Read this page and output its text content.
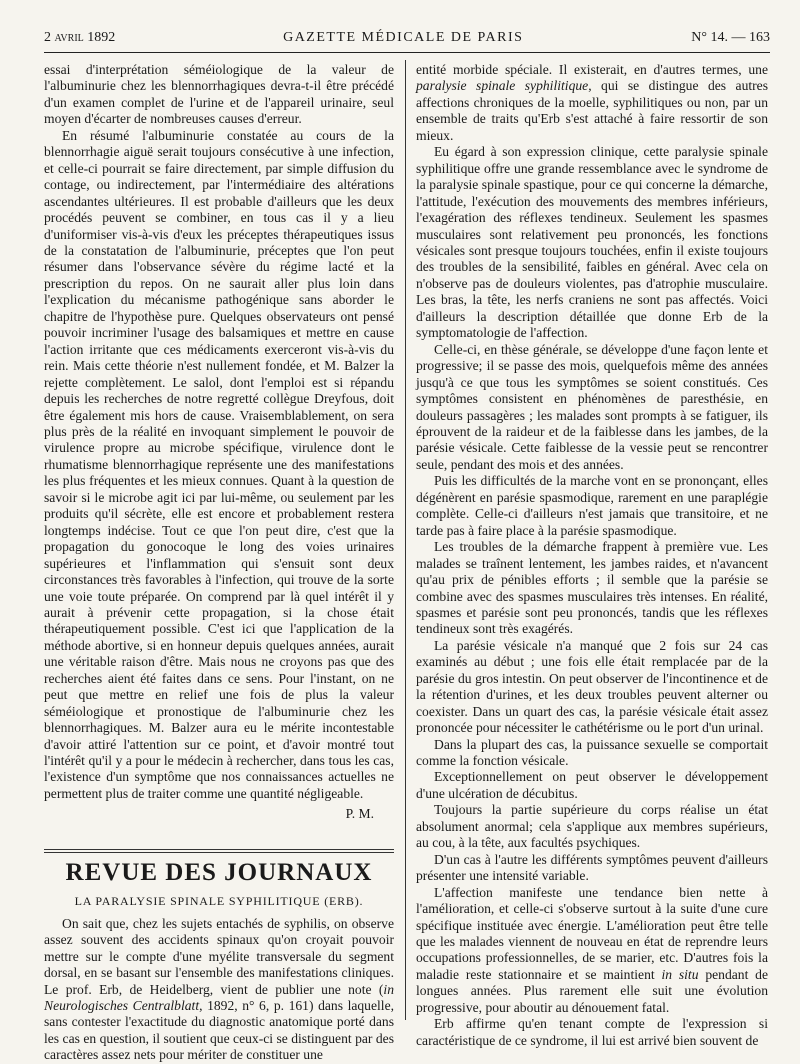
2 avril 1892	GAZETTE MÉDICALE DE PARIS	N° 14. — 163

essai d'interprétation séméiologique de la valeur de l'albuminurie chez les blennorrhagiques devra-t-il être précédé d'un examen complet de l'urine et de l'appareil urinaire, seul moyen d'écarter de nombreuses causes d'erreur.

En résumé l'albuminurie constatée au cours de la blennorrhagie aiguë serait toujours consécutive à une infection, et celle-ci pourrait se faire directement, par simple diffusion du contage, ou indirectement, par l'intermédiaire des altérations ascendantes ultérieures. Il est probable d'ailleurs que les deux procédés peuvent se combiner, en tous cas il y a lieu d'uniformiser vis-à-vis d'eux les préceptes thérapeutiques issus de la constatation de l'albuminurie, préceptes que l'on peut résumer dans l'observance sévère du régime lacté et la prescription du repos. On ne saurait aller plus loin dans l'explication du mécanisme pathogénique sans aborder le chapitre de l'hypothèse pure. Quelques observateurs ont pensé pouvoir incriminer l'usage des balsamiques et mettre en cause l'action irritante que ces médicaments exerceront vis-à-vis du rein. Mais cette théorie n'est nullement fondée, et M. Balzer la rejette complètement. Le salol, dont l'emploi est si répandu depuis les recherches de notre regretté collègue Dreyfous, doit être également mis hors de cause. Vraisemblablement, on sera plus près de la réalité en invoquant simplement le pouvoir de virulence propre au microbe spécifique, virulence dont le rhumatisme blennorrhagique représente une des manifestations les plus fréquentes et les mieux connues. Quant à la question de savoir si le microbe agit ici par lui-même, ou seulement par les produits qu'il sécrète, elle est encore et probablement restera longtemps indécise. Tout ce que l'on peut dire, c'est que la propagation du gonocoque le long des voies urinaires supérieures et l'inflammation qui s'ensuit sont deux circonstances très favorables à l'infection, qui trouve de la sorte une voie toute préparée. On comprend par là quel intérêt il y aurait à prévenir cette propagation, si la chose était thérapeutiquement possible. C'est ici que l'application de la méthode abortive, si en honneur depuis quelques années, aurait une véritable raison d'être. Mais nous ne croyons pas que des recherches aient été faites dans ce sens. Pour l'instant, on ne peut que mettre en relief une fois de plus la valeur séméiologique et pronostique de l'albuminurie chez les blennorrhagiques. M. Balzer aura eu le mérite incontestable d'avoir attiré l'attention sur ce point, et d'avoir montré tout l'intérêt qu'il y a pour le médecin à rechercher, dans tous les cas, l'existence d'un symptôme que nos connaissances actuelles ne permettent plus de traiter comme une quantité négligeable.

P. M.
REVUE DES JOURNAUX
LA PARALYSIE SPINALE SYPHILITIQUE (ERB).

On sait que, chez les sujets entachés de syphilis, on observe assez souvent des accidents spinaux qu'on croyait pouvoir mettre sur le compte d'une myélite transversale du segment dorsal, en se basant sur l'ensemble des manifestations cliniques. Le prof. Erb, de Heidelberg, vient de publier une note (in Neurologisches Centralblatt, 1892, n° 6, p. 161) dans laquelle, sans contester l'exactitude du diagnostic anatomique porté dans les cas en question, il soutient que ceux-ci se distinguent par des caractères assez nets pour mériter de constituer une

entité morbide spéciale. Il existerait, en d'autres termes, une paralysie spinale syphilitique, qui se distingue des autres affections chroniques de la moelle, syphilitiques ou non, par un ensemble de traits qu'Erb s'est attaché à faire ressortir de son mieux.

Eu égard à son expression clinique, cette paralysie spinale syphilitique offre une grande ressemblance avec le syndrome de la paralysie spinale spastique, pour ce qui concerne la démarche, l'attitude, l'exécution des mouvements des membres inférieurs, l'exagération des réflexes tendineux. Seulement les spasmes musculaires sont relativement peu prononcés, les fonctions vésicales sont presque toujours touchées, enfin il existe toujours des troubles de la sensibilité, faibles en général. Avec cela on n'observe pas de douleurs violentes, pas d'atrophie musculaire. Les bras, la tête, les nerfs craniens ne sont pas affectés. Voici d'ailleurs la description détaillée que donne Erb de la symptomatologie de l'affection.

Celle-ci, en thèse générale, se développe d'une façon lente et progressive; il se passe des mois, quelquefois même des années jusqu'à ce que tous les symptômes se soient constitués. Ces symptômes consistent en phénomènes de paresthésie, en douleurs passagères ; les malades sont prompts à se fatiguer, ils éprouvent de la raideur et de la faiblesse dans les jambes, de la parésie vésicale. Cette faiblesse de la vessie peut se rencontrer seule, pendant des mois et des années.

Puis les difficultés de la marche vont en se prononçant, elles dégénèrent en parésie spasmodique, rarement en une paraplégie complète. Celle-ci d'ailleurs n'est jamais que transitoire, et ne tarde pas à faire place à la parésie spasmodique.

Les troubles de la démarche frappent à première vue. Les malades se traînent lentement, les jambes raides, et n'avancent qu'au prix de pénibles efforts ; il semble que la parésie se combine avec des spasmes musculaires très intenses. En réalité, spasmes et parésie sont peu prononcés, tandis que les réflexes tendineux sont très exagérés.

La parésie vésicale n'a manqué que 2 fois sur 24 cas examinés au début ; une fois elle était remplacée par de la parésie du gros intestin. On peut observer de l'incontinence et de la rétention d'urines, et les deux troubles peuvent alterner ou coexister. Dans un quart des cas, la parésie vésicale était assez prononcée pour nécessiter le cathétérisme ou le port d'un urinal.

Dans la plupart des cas, la puissance sexuelle se comportait comme la fonction vésicale.

Exceptionnellement on peut observer le développement d'une ulcération de décubitus.

Toujours la partie supérieure du corps réalise un état absolument anormal; cela s'applique aux membres supérieurs, au cou, à la tête, aux facultés psychiques.

D'un cas à l'autre les différents symptômes peuvent d'ailleurs présenter une intensité variable.

L'affection manifeste une tendance bien nette à l'amélioration, et celle-ci s'observe surtout à la suite d'une cure spécifique instituée avec énergie. L'amélioration peut être telle que les malades viennent de nouveau en état de reprendre leurs occupations professionnelles, de se marier, etc. D'autres fois la maladie reste stationnaire et se maintient in situ pendant de longues années. Plus rarement elle suit une évolution progressive, pour aboutir au dénouement fatal.

Erb affirme qu'en tenant compte de l'expression si caractéristique de ce syndrome, il lui est arrivé bien souvent de
